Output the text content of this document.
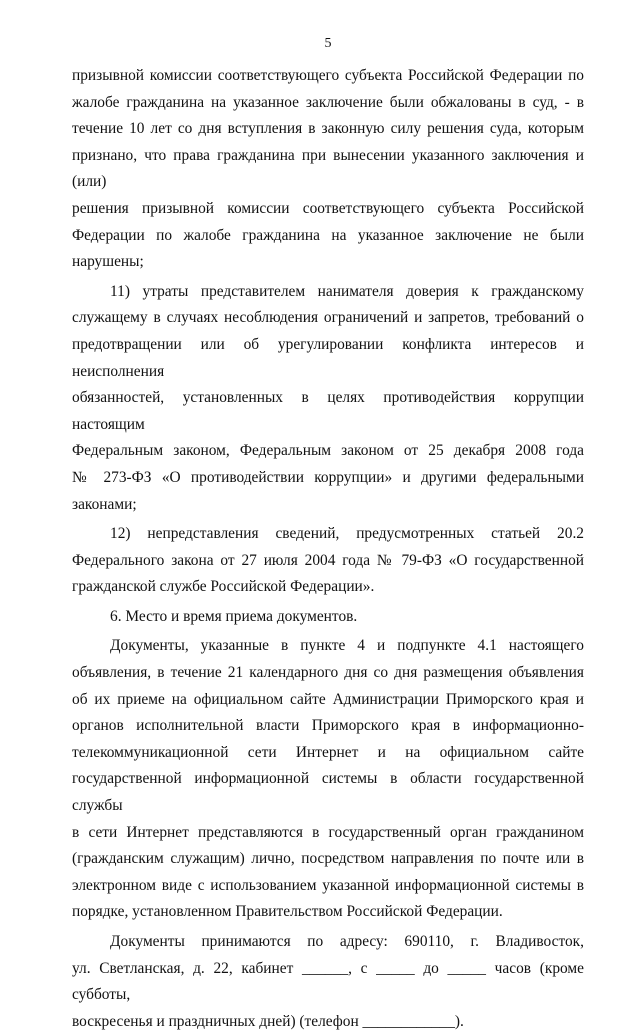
5
призывной комиссии соответствующего субъекта Российской Федерации по
жалобе гражданина на указанное заключение были обжалованы в суд, - в
течение 10 лет со дня вступления в законную силу решения суда, которым
признано, что права гражданина при вынесении указанного заключения и (или)
решения призывной комиссии соответствующего субъекта Российской
Федерации по жалобе гражданина на указанное заключение не были нарушены;
11) утраты представителем нанимателя доверия к гражданскому
служащему в случаях несоблюдения ограничений и запретов, требований о
предотвращении или об урегулировании конфликта интересов и неисполнения
обязанностей, установленных в целях противодействия коррупции настоящим
Федеральным законом, Федеральным законом от 25 декабря 2008 года
№ 273-ФЗ «О противодействии коррупции» и другими федеральными
законами;
12) непредставления сведений, предусмотренных статьей 20.2
Федерального закона от 27 июля 2004 года № 79-ФЗ «О государственной
гражданской службе Российской Федерации».
6. Место и время приема документов.
Документы, указанные в пункте 4 и подпункте 4.1 настоящего
объявления, в течение 21 календарного дня со дня размещения объявления
об их приеме на официальном сайте Администрации Приморского края и
органов исполнительной власти Приморского края в информационно-
телекоммуникационной сети Интернет и на официальном сайте
государственной информационной системы в области государственной службы
в сети Интернет представляются в государственный орган гражданином
(гражданским служащим) лично, посредством направления по почте или в
электронном виде с использованием указанной информационной системы в
порядке, установленном Правительством Российской Федерации.
Документы принимаются по адресу: 690110, г. Владивосток,
ул. Светланская, д. 22, кабинет ______, с _____ до _____ часов (кроме субботы,
воскресенья и праздничных дней) (телефон ____________).
